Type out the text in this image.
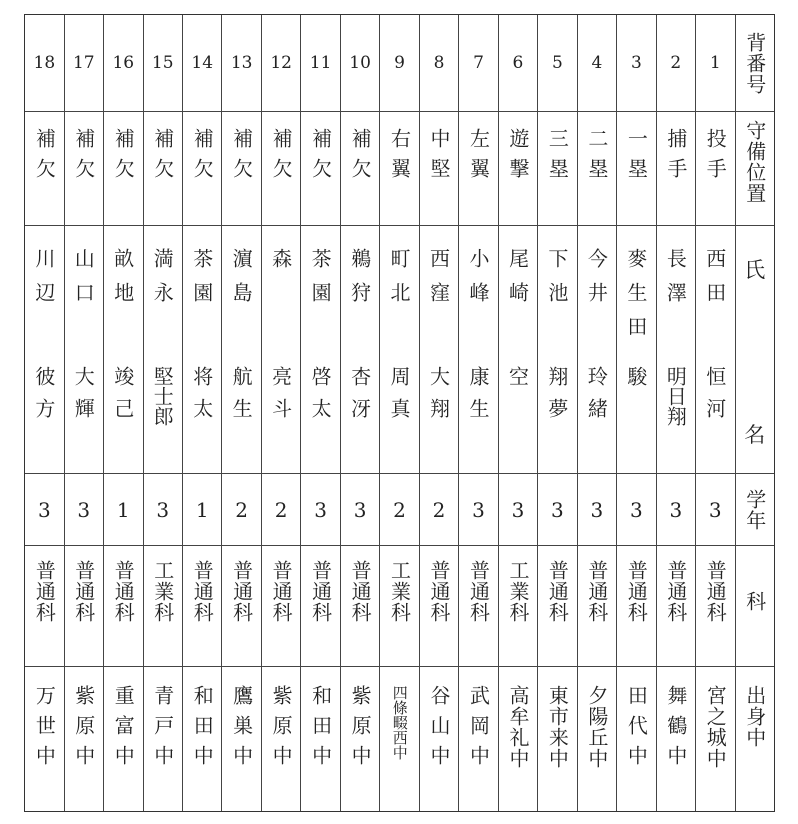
背番号
守備位置
氏
名
学年
科
出身中
1
投手
西田
恒河
3
普通科
宮之城中
2
捕手
長澤
明日翔
3
普通科
舞鶴中
3
一塁
麥生田
駿
3
普通科
田代中
4
二塁
今井
玲緒
3
普通科
夕陽丘中
5
三塁
下池
翔夢
3
普通科
東市来中
6
遊撃
尾崎
空
3
工業科
高牟礼中
7
左翼
小峰
康生
3
普通科
武岡中
8
中堅
西窪
大翔
2
普通科
谷山中
9
右翼
町北
周真
2
工業科
四條畷西中
10
補欠
鵜狩
杏冴
3
普通科
紫原中
11
補欠
茶園
啓太
3
普通科
和田中
12
補欠
森
亮斗
2
普通科
紫原中
13
補欠
濵島
航生
2
普通科
鷹巣中
14
補欠
茶園
将太
1
普通科
和田中
15
補欠
満永
堅士郎
3
工業科
青戸中
16
補欠
畝地
竣己
1
普通科
重富中
17
補欠
山口
大輝
3
普通科
紫原中
18
補欠
川辺
彼方
3
普通科
万世中
